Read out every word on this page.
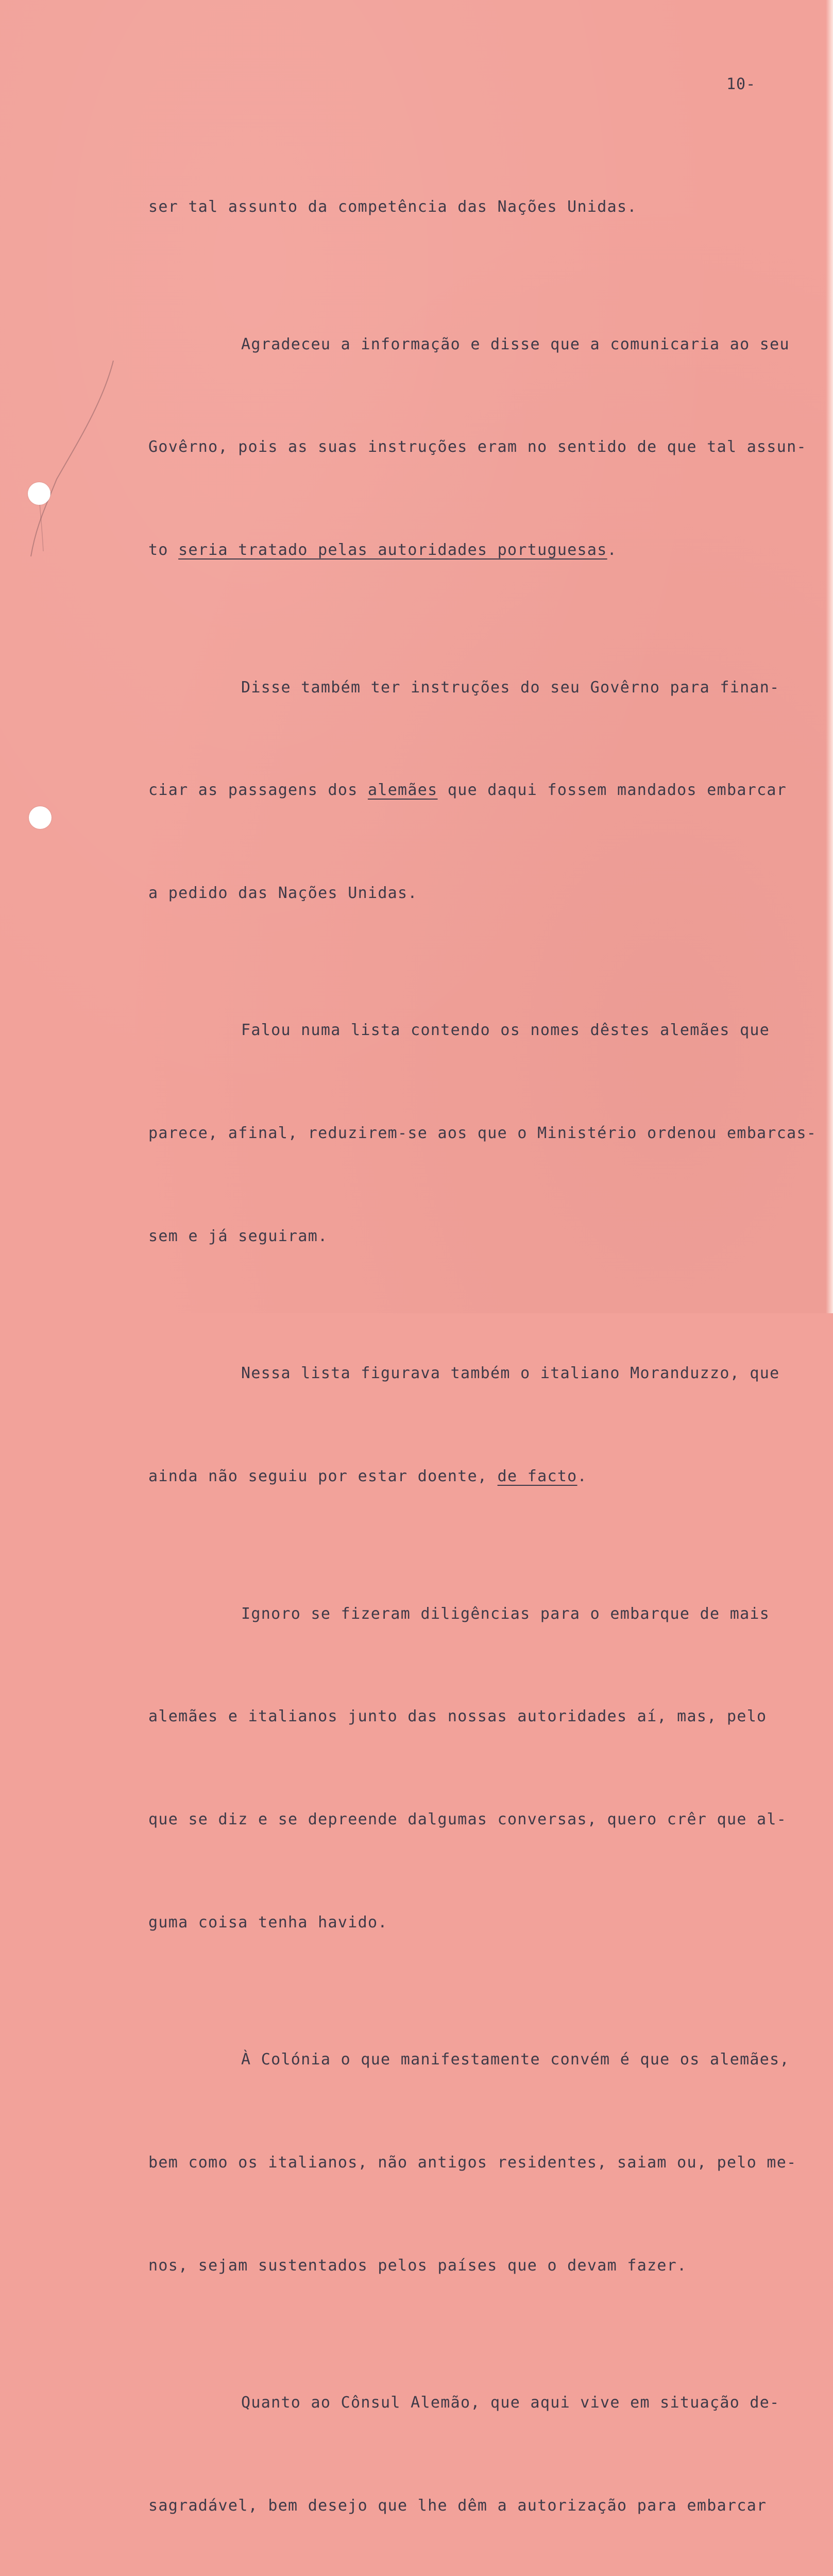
10-

ser tal assunto da competência das Nações Unidas.

Agradeceu a informação e disse que a comunicaria ao seu

Govêrno, pois as suas instruções eram no sentido de que tal assun-

to seria tratado pelas autoridades portuguesas.

Disse também ter instruções do seu Govêrno para finan-

ciar as passagens dos alemães que daqui fossem mandados embarcar

a pedido das Nações Unidas.

Falou numa lista contendo os nomes dêstes alemães que

parece, afinal, reduzirem-se aos que o Ministério ordenou embarcas-

sem e já seguiram.

Nessa lista figurava também o italiano Moranduzzo, que

ainda não seguiu por estar doente, de facto.

Ignoro se fizeram diligências para o embarque de mais

alemães e italianos junto das nossas autoridades aí, mas, pelo

que se diz e se depreende dalgumas conversas, quero crêr que al-

guma coisa tenha havido.

À Colónia o que manifestamente convém é que os alemães,

bem como os italianos, não antigos residentes, saiam ou, pelo me-

nos, sejam sustentados pelos países que o devam fazer.

Quanto ao Cônsul Alemão, que aqui vive em situação de-

sagradável, bem desejo que lhe dêm a autorização para embarcar
